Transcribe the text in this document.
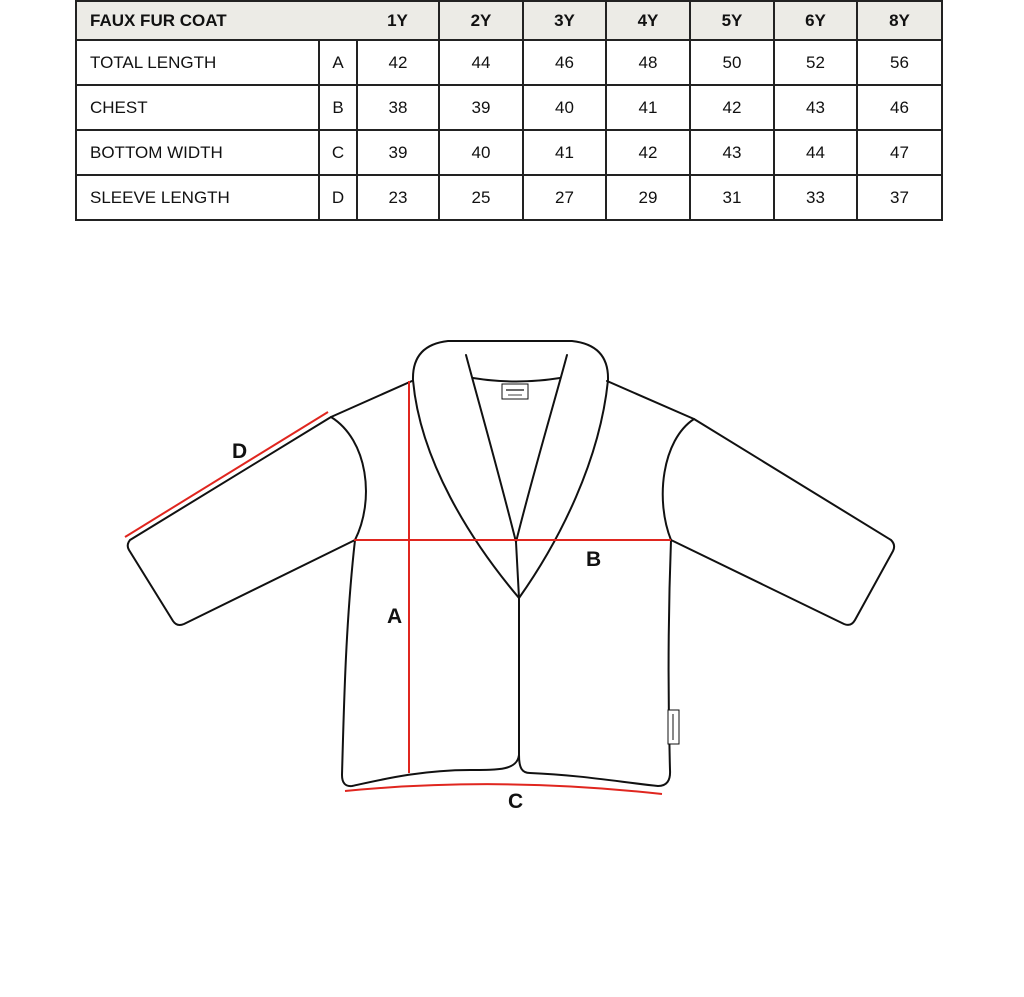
FAUX FUR COAT		1Y	2Y	3Y	4Y	5Y	6Y	8Y
TOTAL LENGTH	A	42	44	46	48	50	52	56
CHEST	B	38	39	40	41	42	43	46
BOTTOM WIDTH	C	39	40	41	42	43	44	47
SLEEVE LENGTH	D	23	25	27	29	31	33	37
D
A
B
C
